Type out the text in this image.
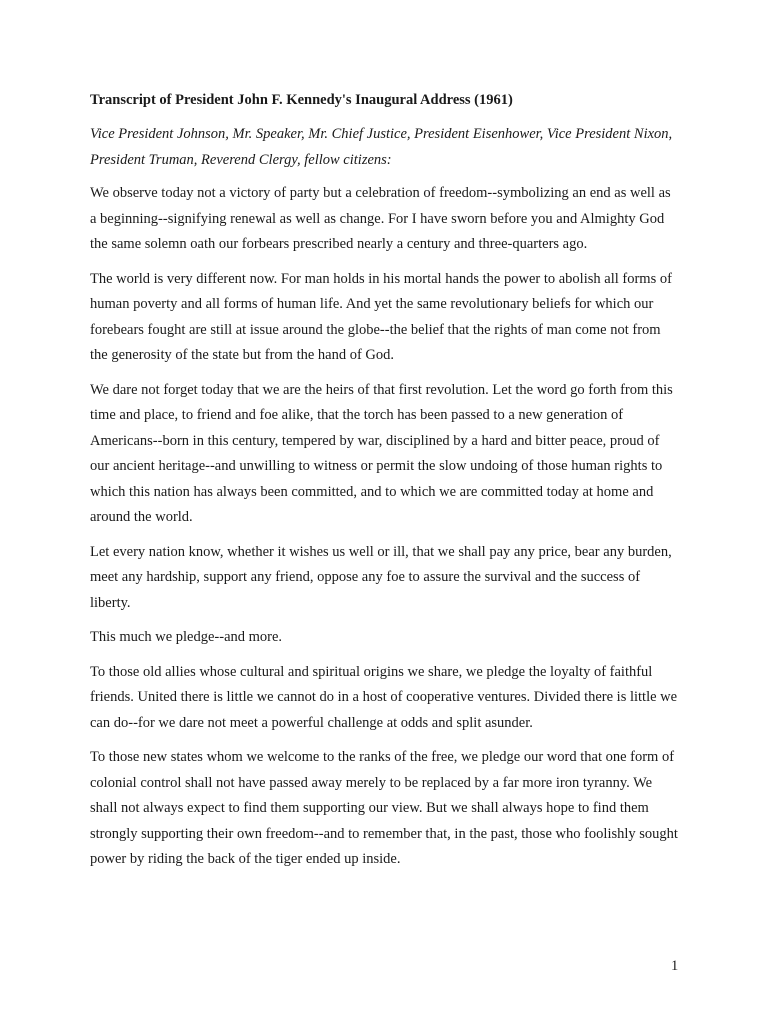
Transcript of President John F. Kennedy's Inaugural Address (1961)

Vice President Johnson, Mr. Speaker, Mr. Chief Justice, President Eisenhower, Vice President Nixon, President Truman, Reverend Clergy, fellow citizens:

We observe today not a victory of party but a celebration of freedom--symbolizing an end as well as a beginning--signifying renewal as well as change. For I have sworn before you and Almighty God the same solemn oath our forbears prescribed nearly a century and three-quarters ago.

The world is very different now. For man holds in his mortal hands the power to abolish all forms of human poverty and all forms of human life. And yet the same revolutionary beliefs for which our forebears fought are still at issue around the globe--the belief that the rights of man come not from the generosity of the state but from the hand of God.

We dare not forget today that we are the heirs of that first revolution. Let the word go forth from this time and place, to friend and foe alike, that the torch has been passed to a new generation of Americans--born in this century, tempered by war, disciplined by a hard and bitter peace, proud of our ancient heritage--and unwilling to witness or permit the slow undoing of those human rights to which this nation has always been committed, and to which we are committed today at home and around the world.

Let every nation know, whether it wishes us well or ill, that we shall pay any price, bear any burden, meet any hardship, support any friend, oppose any foe to assure the survival and the success of liberty.

This much we pledge--and more.

To those old allies whose cultural and spiritual origins we share, we pledge the loyalty of faithful friends. United there is little we cannot do in a host of cooperative ventures. Divided there is little we can do--for we dare not meet a powerful challenge at odds and split asunder.

To those new states whom we welcome to the ranks of the free, we pledge our word that one form of colonial control shall not have passed away merely to be replaced by a far more iron tyranny. We shall not always expect to find them supporting our view. But we shall always hope to find them strongly supporting their own freedom--and to remember that, in the past, those who foolishly sought power by riding the back of the tiger ended up inside.

1
